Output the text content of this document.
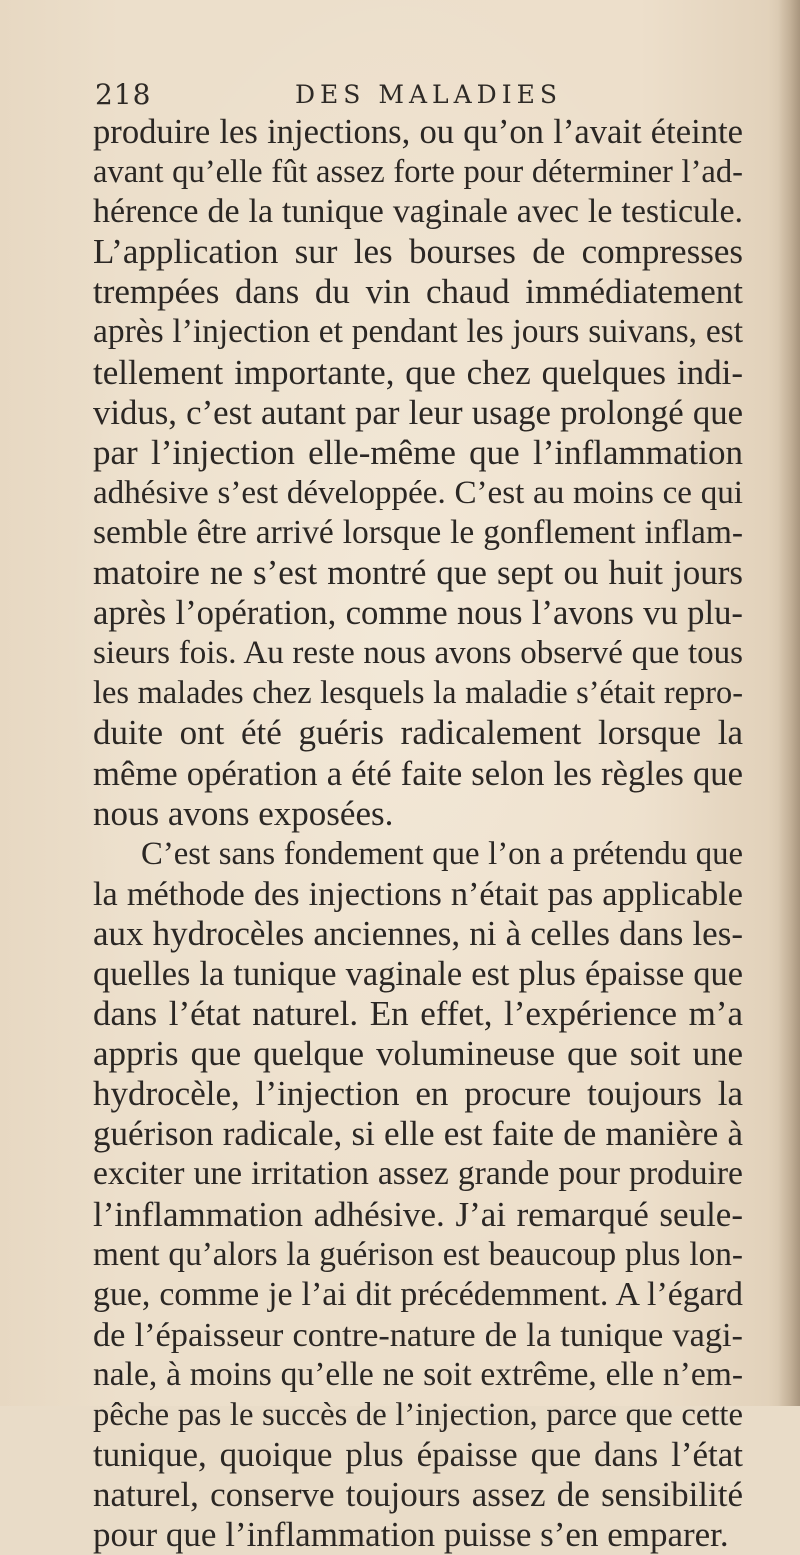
218	DES MALADIES
produire les injections, ou qu’on l’avait éteinte
avant qu’elle fût assez forte pour déterminer l’ad-
hérence de la tunique vaginale avec le testicule.
L’application sur les bourses de compresses
trempées dans du vin chaud immédiatement
après l’injection et pendant les jours suivans, est
tellement importante, que chez quelques indi-
vidus, c’est autant par leur usage prolongé que
par l’injection elle-même que l’inflammation
adhésive s’est développée. C’est au moins ce qui
semble être arrivé lorsque le gonflement inflam-
matoire ne s’est montré que sept ou huit jours
après l’opération, comme nous l’avons vu plu-
sieurs fois. Au reste nous avons observé que tous
les malades chez lesquels la maladie s’était repro-
duite ont été guéris radicalement lorsque la
même opération a été faite selon les règles que
nous avons exposées.
C’est sans fondement que l’on a prétendu que
la méthode des injections n’était pas applicable
aux hydrocèles anciennes, ni à celles dans les-
quelles la tunique vaginale est plus épaisse que
dans l’état naturel. En effet, l’expérience m’a
appris que quelque volumineuse que soit une
hydrocèle, l’injection en procure toujours la
guérison radicale, si elle est faite de manière à
exciter une irritation assez grande pour produire
l’inflammation adhésive. J’ai remarqué seule-
ment qu’alors la guérison est beaucoup plus lon-
gue, comme je l’ai dit précédemment. A l’égard
de l’épaisseur contre-nature de la tunique vagi-
nale, à moins qu’elle ne soit extrême, elle n’em-
pêche pas le succès de l’injection, parce que cette
tunique, quoique plus épaisse que dans l’état
naturel, conserve toujours assez de sensibilité
pour que l’inflammation puisse s’en emparer.
